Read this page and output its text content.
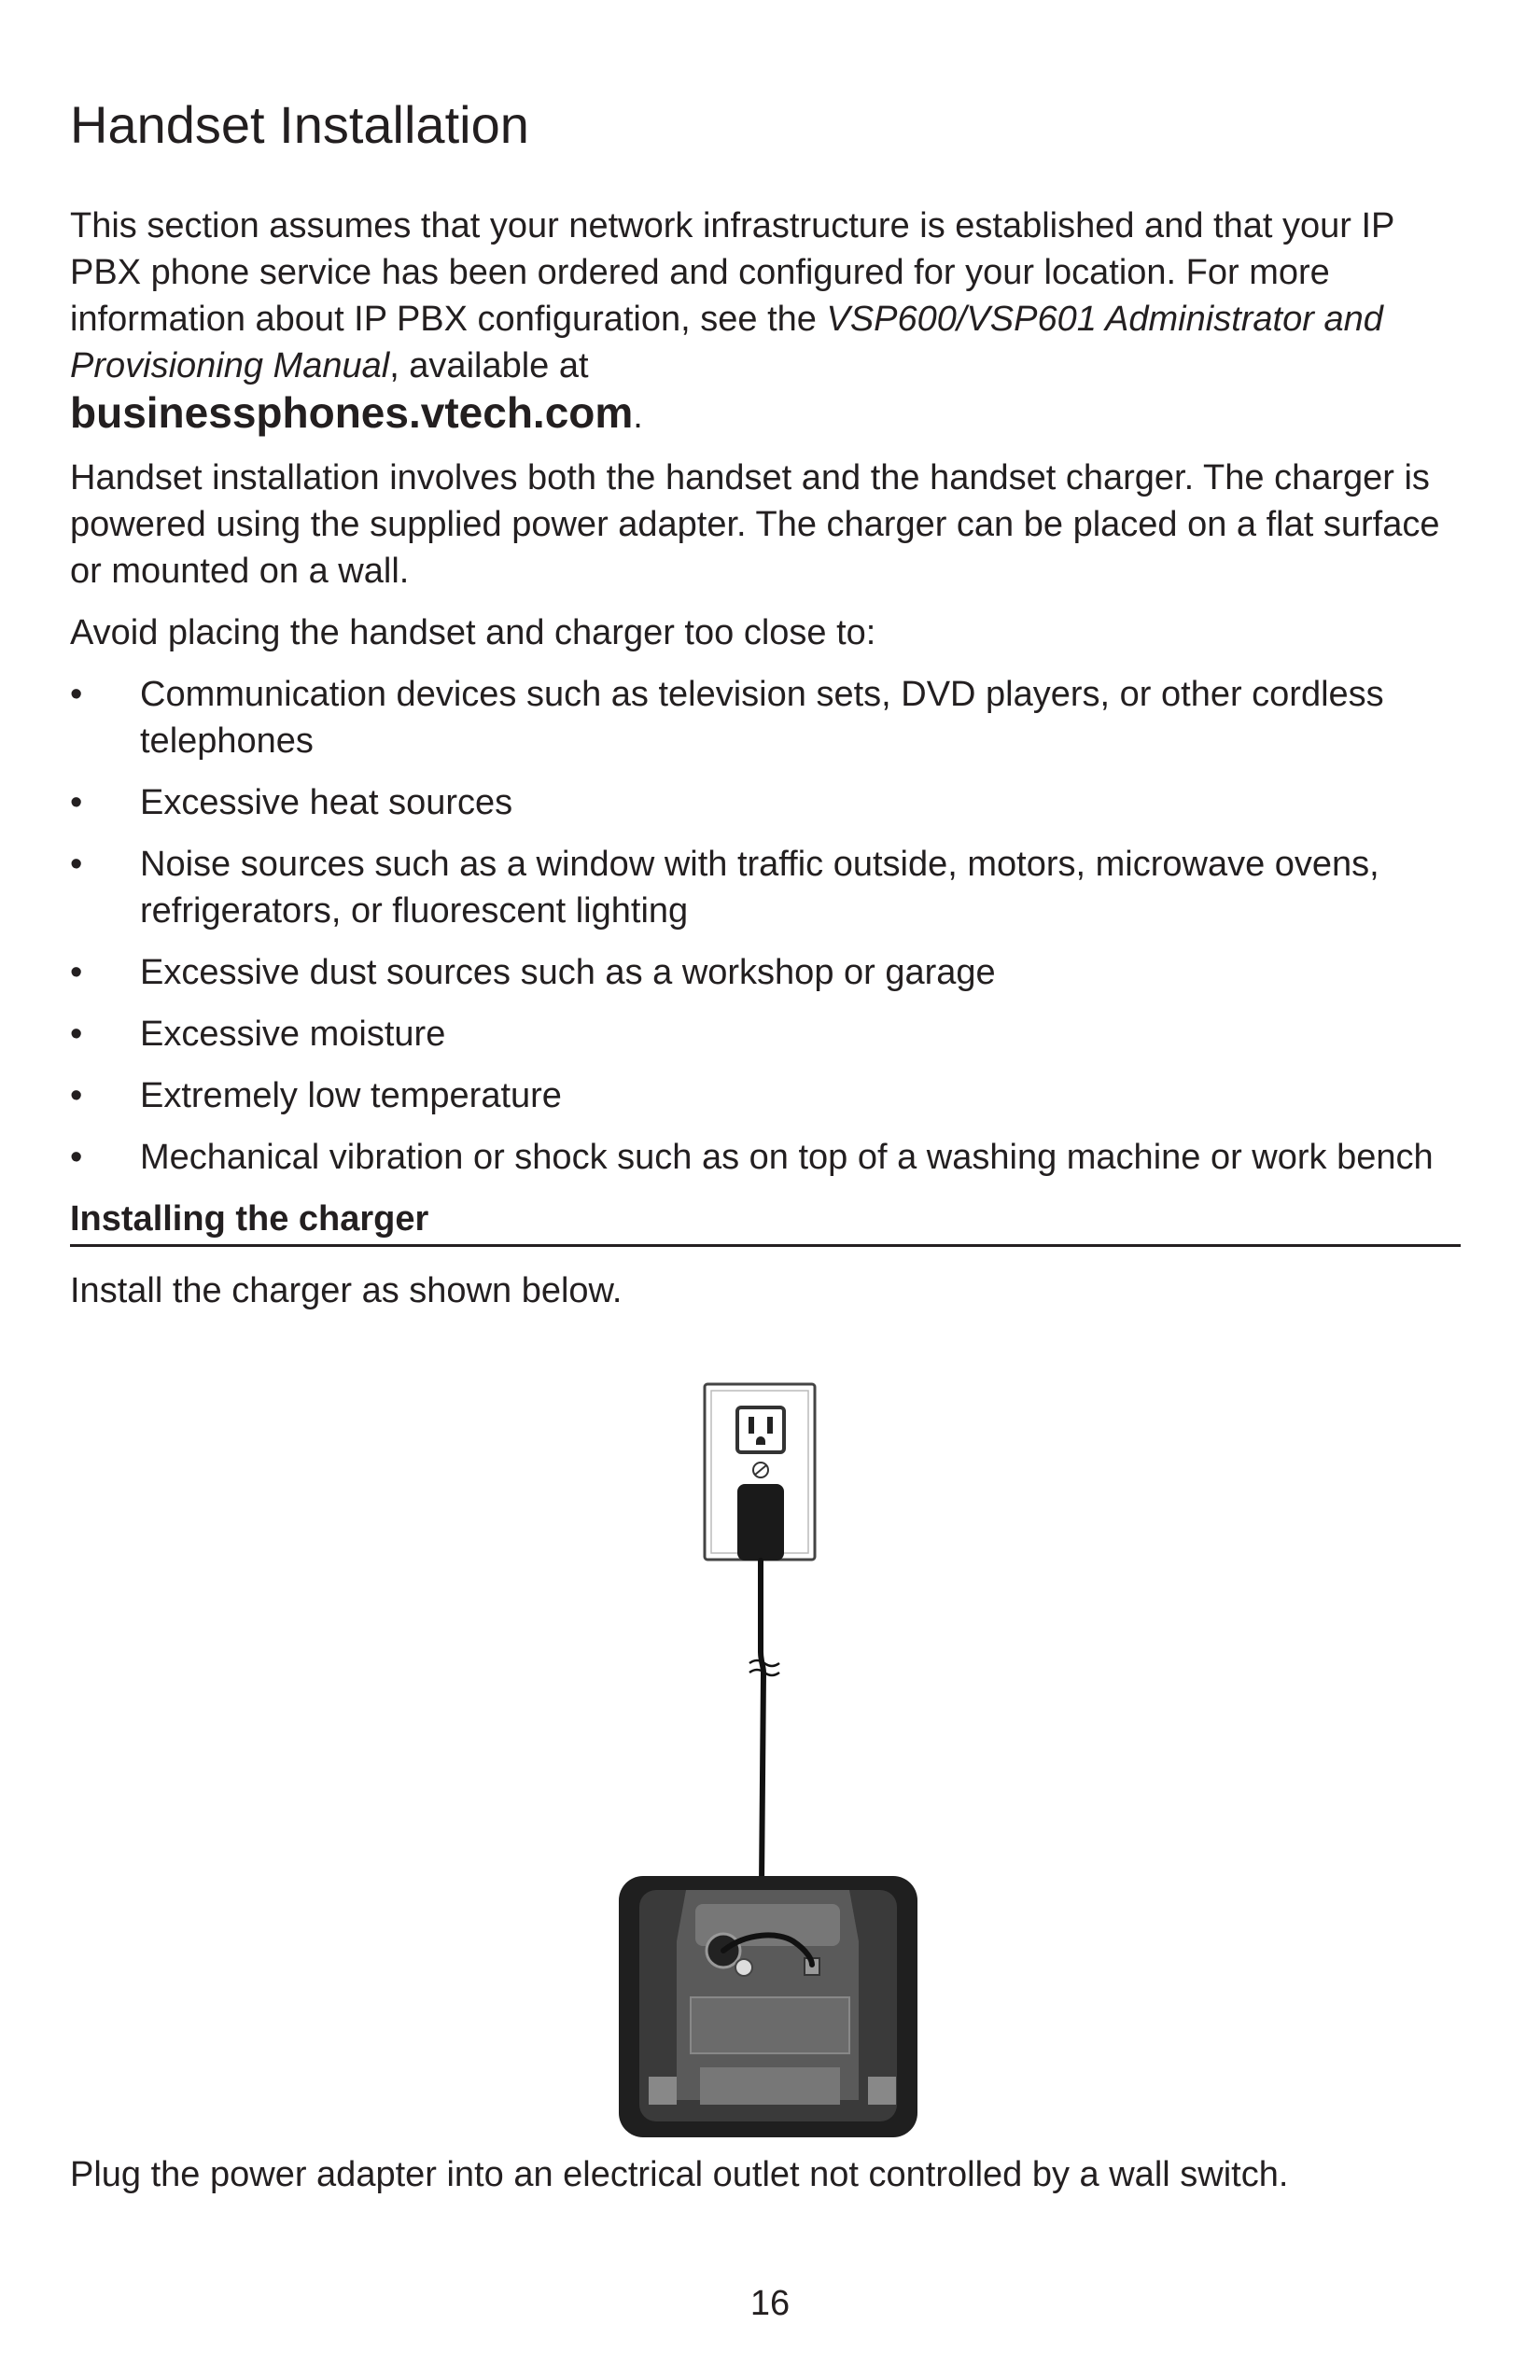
Handset Installation

This section assumes that your network infrastructure is established and that your IP PBX phone service has been ordered and configured for your location. For more information about IP PBX configuration, see the VSP600/VSP601 Administrator and Provisioning Manual, available at
businessphones.vtech.com.

Handset installation involves both the handset and the handset charger. The charger is powered using the supplied power adapter. The charger can be placed on a flat surface or mounted on a wall.

Avoid placing the handset and charger too close to:

• Communication devices such as television sets, DVD players, or other cordless telephones
• Excessive heat sources
• Noise sources such as a window with traffic outside, motors, microwave ovens, refrigerators, or fluorescent lighting
• Excessive dust sources such as a workshop or garage
• Excessive moisture
• Extremely low temperature
• Mechanical vibration or shock such as on top of a washing machine or work bench
Installing the charger

Install the charger as shown below.

Plug the power adapter into an electrical outlet not controlled by a wall switch.

16
